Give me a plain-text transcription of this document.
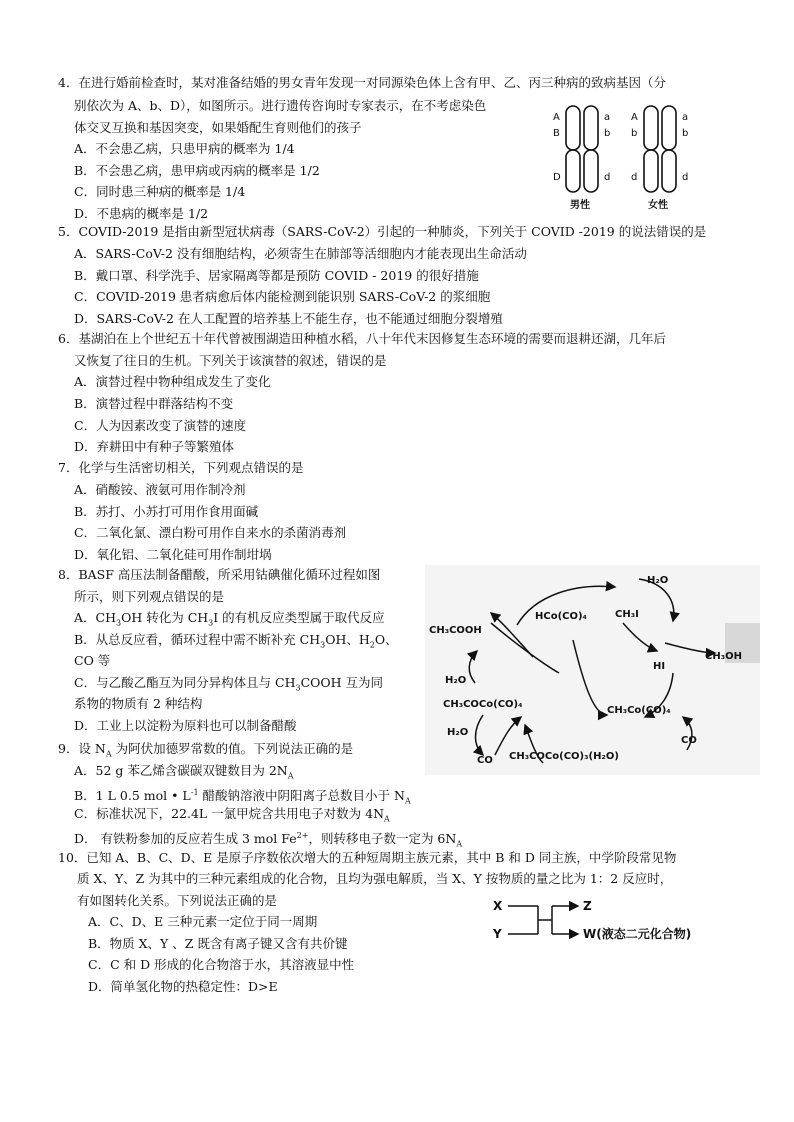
4．在进行婚前检查时，某对准备结婚的男女青年发现一对同源染色体上含有甲、乙、丙三种病的致病基因（分
别依次为 A、b、D），如图所示。进行遗传咨询时专家表示，在不考虑染色
体交叉互换和基因突变，如果婚配生育则他们的孩子
A．不会患乙病，只患甲病的概率为 1/4
B．不会患乙病，患甲病或丙病的概率是 1/2
C．同时患三种病的概率是 1/4
D．不患病的概率是 1/2
A
B
D
a
b
d
A
b
d
a
b
d
男性	女性
5．COVID-2019 是指由新型冠状病毒（SARS-CoV-2）引起的一种肺炎，下列关于 COVID -2019 的说法错误的是
A．SARS-CoV-2 没有细胞结构，必须寄生在肺部等活细胞内才能表现出生命活动
B．戴口罩、科学洗手、居家隔离等都是预防 COVID - 2019 的很好措施
C．COVID-2019 患者病愈后体内能检测到能识别 SARS-CoV-2 的浆细胞
D．SARS-CoV-2 在人工配置的培养基上不能生存，也不能通过细胞分裂增殖
6．基湖泊在上个世纪五十年代曾被围湖造田种植水稻，八十年代末因修复生态环境的需要而退耕还湖，几年后
又恢复了往日的生机。下列关于该演替的叙述，错误的是
A．演替过程中物种组成发生了变化
B．演替过程中群落结构不变
C．人为因素改变了演替的速度
D．弃耕田中有种子等繁殖体
7．化学与生活密切相关，下列观点错误的是
A．硝酸铵、液氨可用作制冷剂
B．苏打、小苏打可用作食用面碱
C．二氧化氯、漂白粉可用作自来水的杀菌消毒剂
D．氧化铝、二氧化硅可用作制坩埚
8．BASF 高压法制备醋酸，所采用钴碘催化循环过程如图
所示，则下列观点错误的是
A．$CH_3OH$ 转化为 $CH_3I$ 的有机反应类型属于取代反应
B．从总反应看，循环过程中需不断补充 $CH_3OH$、$H_2O$、
CO 等
C．与乙酸乙酯互为同分异构体且与 $CH_3COOH$ 互为同
系物的物质有 2 种结构
D．工业上以淀粉为原料也可以制备醋酸
H₂O
CH₃I
HCo(CO)₄
CH₃COOH
CH₃OH
HI
H₂O
CH₃COCo(CO)₄
CH₃Co(CO)₄
H₂O
CO
CO CH₃COCo(CO)₃(H₂O)
9．设 $N_A$ 为阿伏加德罗常数的值。下列说法正确的是
A．52 g 苯乙烯含碳碳双键数目为 $2N_A$
B．1 L 0.5 mol • $L^{-1}$ 醋酸钠溶液中阴阳离子总数目小于 $N_A$
C．标准状况下，22.4L 一氯甲烷含共用电子对数为 $4N_A$
D． 有铁粉参加的反应若生成 3 mol $Fe^{2+}$，则转移电子数一定为 $6N_A$
10．已知 A、B、C、D、E 是原子序数依次增大的五种短周期主族元素，其中 B 和 D 同主族，中学阶段常见物
质 X、Y、Z 为其中的三种元素组成的化合物，且均为强电解质，当 X、Y 按物质的量之比为 1：2 反应时，
有如图转化关系。下列说法正确的是
A．C、D、E 三种元素一定位于同一周期
B．物质 X、Y 、Z 既含有离子键又含有共价键
C．C 和 D 形成的化合物溶于水，其溶液显中性
D．简单氢化物的热稳定性：D>E
X
Y
Z
W(液态二元化合物)
